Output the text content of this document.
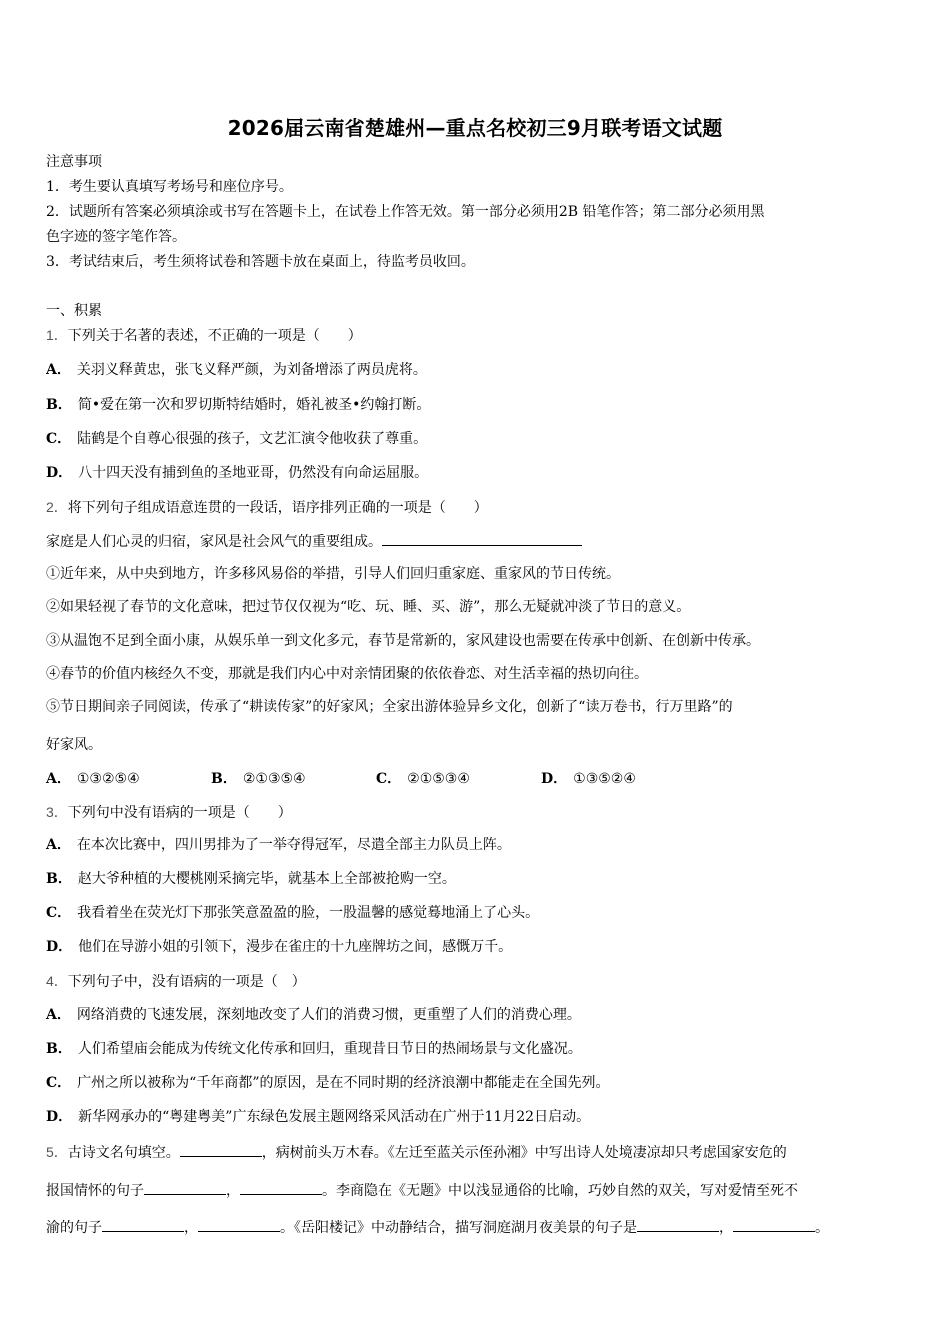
2026届云南省楚雄州—重点名校初三9月联考语文试题
注意事项
1．考生要认真填写考场号和座位序号。
2．试题所有答案必须填涂或书写在答题卡上，在试卷上作答无效。第一部分必须用2B 铅笔作答；第二部分必须用黑
色字迹的签字笔作答。
3．考试结束后，考生须将试卷和答题卡放在桌面上，待监考员收回。
一、积累
1．下列关于名著的表述，不正确的一项是（　　）
A． 关羽义释黄忠，张飞义释严颜，为刘备增添了两员虎将。
B． 简•爱在第一次和罗切斯特结婚时，婚礼被圣•约翰打断。
C． 陆鹤是个自尊心很强的孩子，文艺汇演令他收获了尊重。
D． 八十四天没有捕到鱼的圣地亚哥，仍然没有向命运屈服。
2．将下列句子组成语意连贯的一段话，语序排列正确的一项是（　　）
家庭是人们心灵的归宿，家风是社会风气的重要组成。
①近年来，从中央到地方，许多移风易俗的举措，引导人们回归重家庭、重家风的节日传统。
②如果轻视了春节的文化意味，把过节仅仅视为“吃、玩、睡、买、游”，那么无疑就冲淡了节日的意义。
③从温饱不足到全面小康，从娱乐单一到文化多元，春节是常新的，家风建设也需要在传承中创新、在创新中传承。
④春节的价值内核经久不变，那就是我们内心中对亲情团聚的依依眷恋、对生活幸福的热切向往。
⑤节日期间亲子同阅读，传承了“耕读传家”的好家风；全家出游体验异乡文化，创新了“读万卷书，行万里路”的
好家风。
A． ①③②⑤④	B． ②①③⑤④	C． ②①⑤③④	D． ①③⑤②④
3．下列句中没有语病的一项是（　　）
A． 在本次比赛中，四川男排为了一举夺得冠军，尽遣全部主力队员上阵。
B． 赵大爷种植的大樱桃刚采摘完毕，就基本上全部被抢购一空。
C． 我看着坐在荧光灯下那张笑意盈盈的脸，一股温馨的感觉蓦地涌上了心头。
D． 他们在导游小姐的引领下，漫步在雀庄的十九座牌坊之间，感慨万千。
4．下列句子中，没有语病的一项是（　）
A． 网络消费的飞速发展，深刻地改变了人们的消费习惯，更重塑了人们的消费心理。
B． 人们希望庙会能成为传统文化传承和回归，重现昔日节日的热闹场景与文化盛况。
C． 广州之所以被称为“千年商都”的原因，是在不同时期的经济浪潮中都能走在全国先列。
D． 新华网承办的“粤建粤美”广东绿色发展主题网络采风活动在广州于11月22日启动。
5．古诗文名句填空。	，病树前头万木春。《左迁至蓝关示侄孙湘》中写出诗人处境凄凉却只考虑国家安危的
报国情怀的句子	，	。李商隐在《无题》中以浅显通俗的比喻，巧妙自然的双关，写对爱情至死不
渝的句子	，	。《岳阳楼记》中动静结合，描写洞庭湖月夜美景的句子是	，	。
